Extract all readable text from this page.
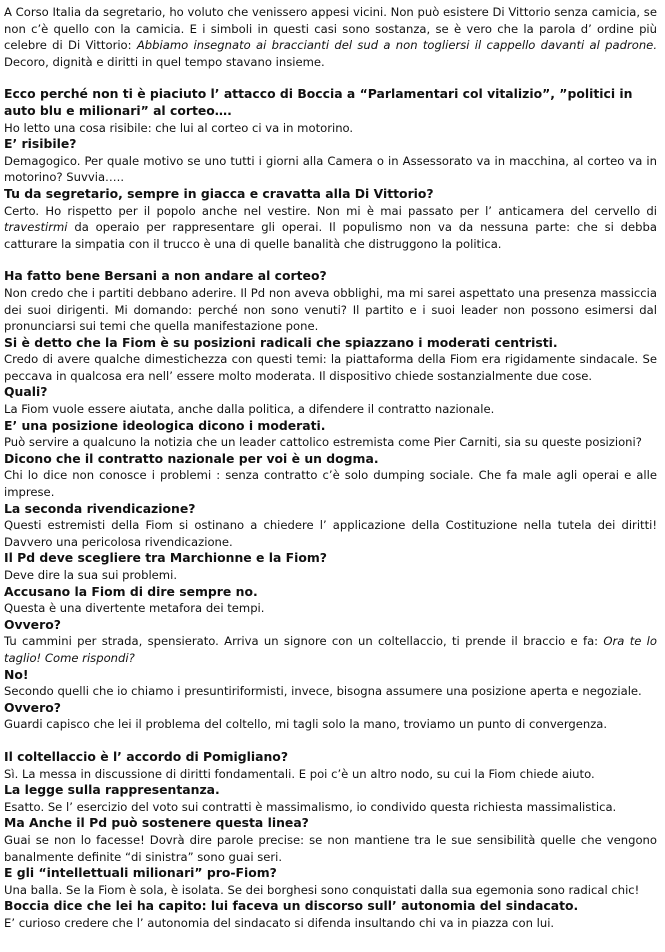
A Corso Italia da segretario, ho voluto che venissero appesi vicini. Non può esistere Di Vittorio senza camicia, se non c’è quello con la camicia. E i simboli in questi casi sono sostanza, se è vero che la parola d’ ordine più celebre di Di Vittorio: Abbiamo insegnato ai braccianti del sud a non togliersi il cappello davanti al padrone. Decoro, dignità e diritti in quel tempo stavano insieme.

Ecco perché non ti è piaciuto l’ attacco di Boccia a “Parlamentari col vitalizio”, ”politici in auto blu e milionari” al corteo….

Ho letto una cosa risibile: che lui al corteo ci va in motorino.

E’ risibile?

Demagogico. Per quale motivo se uno tutti i giorni alla Camera o in Assessorato va in macchina, al corteo va in motorino? Suvvia…..

Tu da segretario, sempre in giacca e cravatta alla Di Vittorio?

Certo. Ho rispetto per il popolo anche nel vestire. Non mi è mai passato per l’ anticamera del cervello di travestirmi da operaio per rappresentare gli operai. Il populismo non va da nessuna parte: che si debba catturare la simpatia con il trucco è una di quelle banalità che distruggono la politica.

Ha fatto bene Bersani a non andare al corteo?

Non credo che i partiti debbano aderire. Il Pd non aveva obblighi, ma mi sarei aspettato una presenza massiccia dei suoi dirigenti. Mi domando: perché non sono venuti? Il partito e i suoi leader non possono esimersi dal pronunciarsi sui temi che quella manifestazione pone.

Si è detto che la Fiom è su posizioni radicali che spiazzano i moderati centristi.

Credo di avere qualche dimestichezza con questi temi: la piattaforma della Fiom era rigidamente sindacale. Se peccava in qualcosa era nell’ essere molto moderata. Il dispositivo chiede sostanzialmente due cose.

Quali?

La Fiom vuole essere aiutata, anche dalla politica, a difendere il contratto nazionale.

E’ una posizione ideologica dicono i moderati.

Può servire a qualcuno la notizia che un leader cattolico estremista come Pier Carniti, sia su queste posizioni?

Dicono che il contratto nazionale per voi è un dogma.

Chi lo dice non conosce i problemi : senza contratto c’è solo dumping sociale. Che fa male agli operai e alle imprese.

La seconda rivendicazione?

Questi estremisti della Fiom si ostinano a chiedere l’ applicazione della Costituzione nella tutela dei diritti! Davvero una pericolosa rivendicazione.

Il Pd deve scegliere tra Marchionne e la Fiom?

Deve dire la sua sui problemi.

Accusano la Fiom di dire sempre no.

Questa è una divertente metafora dei tempi.

Ovvero?

Tu cammini per strada, spensierato. Arriva un signore con un coltellaccio, ti prende il braccio e fa: Ora te lo taglio! Come rispondi?

No!

Secondo quelli che io chiamo i presuntiriformisti, invece, bisogna assumere una posizione aperta e negoziale.

Ovvero?

Guardi capisco che lei il problema del coltello, mi tagli solo la mano, troviamo un punto di convergenza.

Il coltellaccio è l’ accordo di Pomigliano?

Sì. La messa in discussione di diritti fondamentali. E poi c’è un altro nodo, su cui la Fiom chiede aiuto.

La legge sulla rappresentanza.

Esatto. Se l’ esercizio del voto sui contratti è massimalismo, io condivido questa richiesta massimalistica.

Ma Anche il Pd può sostenere questa linea?

Guai se non lo facesse! Dovrà dire parole precise: se non mantiene tra le sue sensibilità quelle che vengono banalmente definite “di sinistra” sono guai seri.

E gli “intellettuali milionari” pro-Fiom?

Una balla. Se la Fiom è sola, è isolata. Se dei borghesi sono conquistati dalla sua egemonia sono radical chic!

Boccia dice che lei ha capito: lui faceva un discorso sull’ autonomia del sindacato.

E’ curioso credere che l’ autonomia del sindacato si difenda insultando chi va in piazza con lui.
